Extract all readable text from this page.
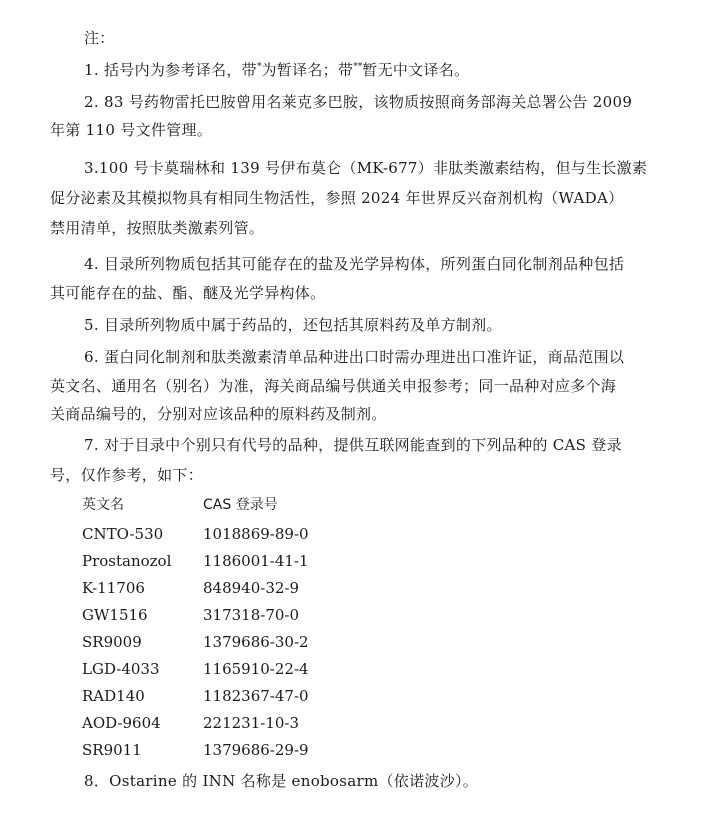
注：
1. 括号内为参考译名，带*为暂译名；带**暂无中文译名。
2. 83 号药物雷托巴胺曾用名莱克多巴胺，该物质按照商务部海关总署公告 2009
年第 110 号文件管理。
3.100 号卡莫瑞林和 139 号伊布莫仑（MK-677）非肽类激素结构，但与生长激素
促分泌素及其模拟物具有相同生物活性，参照 2024 年世界反兴奋剂机构（WADA）
禁用清单，按照肽类激素列管。
4. 目录所列物质包括其可能存在的盐及光学异构体，所列蛋白同化制剂品种包括
其可能存在的盐、酯、醚及光学异构体。
5. 目录所列物质中属于药品的，还包括其原料药及单方制剂。
6. 蛋白同化制剂和肽类激素清单品种进出口时需办理进出口准许证，商品范围以
英文名、通用名（别名）为准，海关商品编号供通关申报参考；同一品种对应多个海
关商品编号的，分别对应该品种的原料药及制剂。
7. 对于目录中个别只有代号的品种，提供互联网能查到的下列品种的 CAS 登录
号，仅作参考，如下：
英文名	CAS 登录号
CNTO-530	1018869-89-0
Prostanozol 1186001-41-1
K-11706	848940-32-9
GW1516	317318-70-0
SR9009	1379686-30-2
LGD-4033	1165910-22-4
RAD140	1182367-47-0
AOD-9604	221231-10-3
SR9011	1379686-29-9
8．Ostarine 的 INN 名称是 enobosarm（依诺波沙）。
